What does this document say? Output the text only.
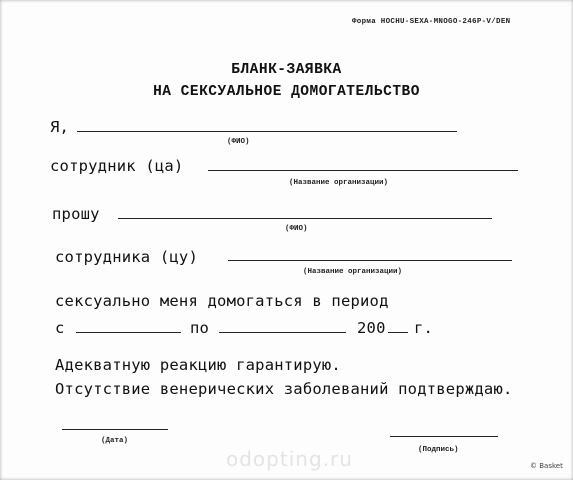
Форма HOCHU-SEXA-MNOGO-246P-V/DEN
БЛАНК-ЗАЯВКА
НА СЕКСУАЛЬНОЕ ДОМОГАТЕЛЬСТВО
Я,
(ФИО)
сотрудник (ца)
(Название организации)
прошу
(ФИО)
сотрудника (цу)
(Название организации)
сексуально меня домогаться в период
с	по	200 г.
Адекватную реакцию гарантирую.
Отсутствие венерических заболеваний подтверждаю.
(Дата)
(Подпись)
odopting.ru	© Basket
